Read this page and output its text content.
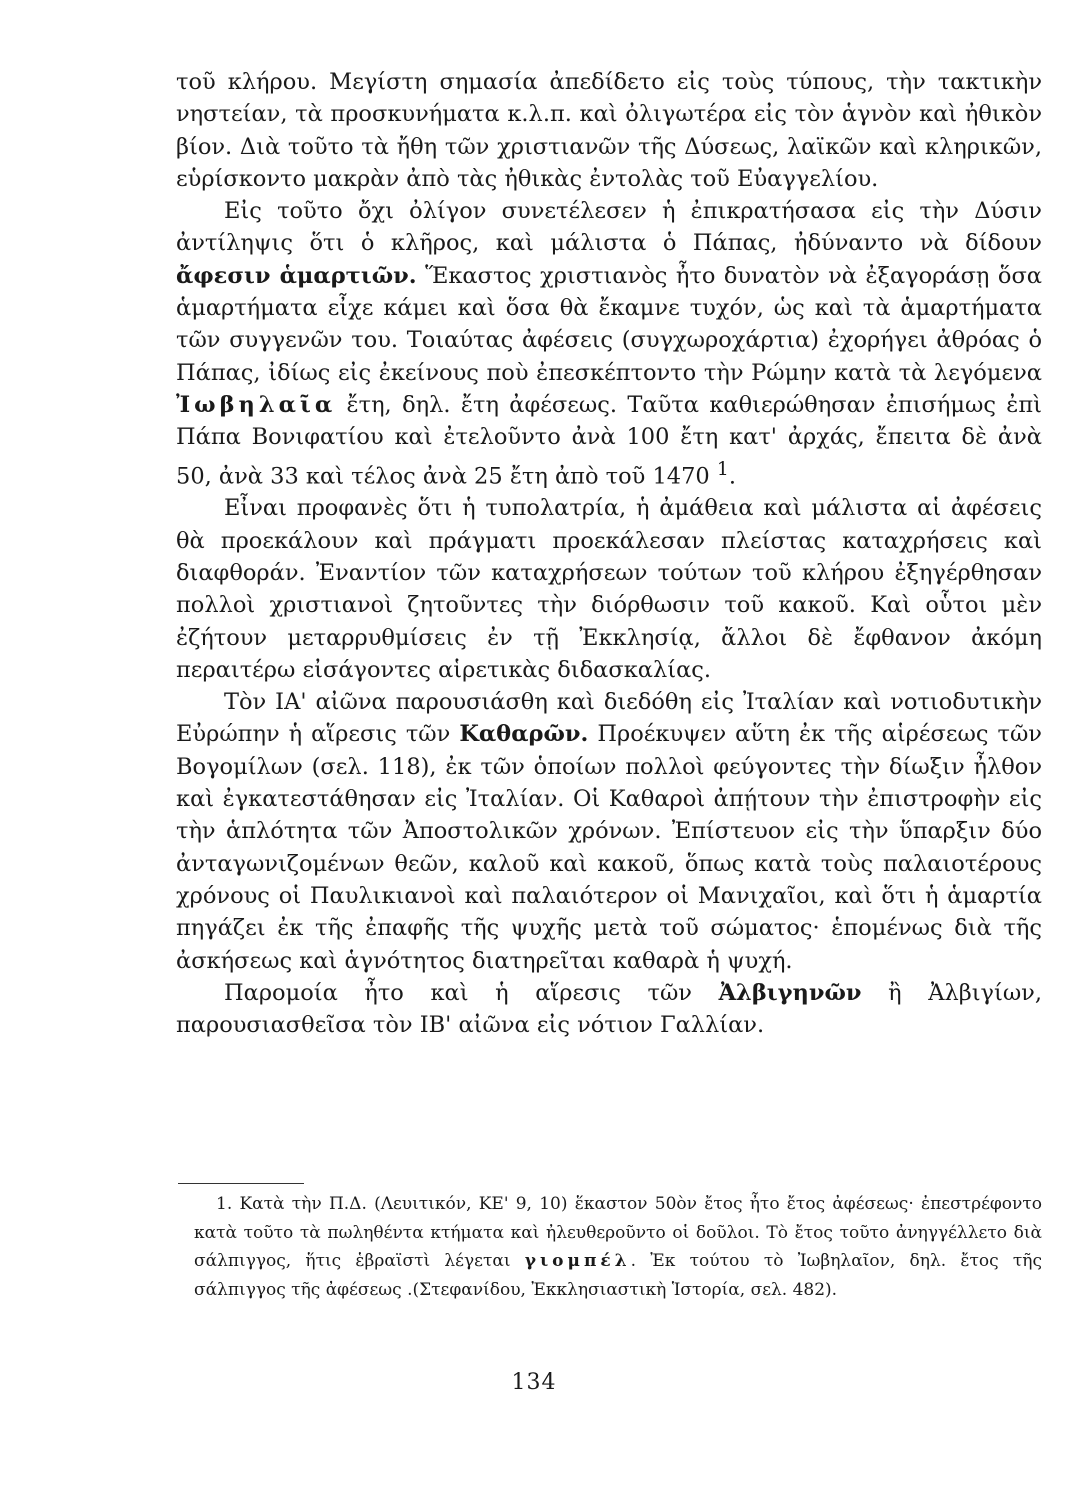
τοῦ κλήρου. Μεγίστη σημασία ἀπεδίδετο εἰς τοὺς τύπους, τὴν τακτικὴν νηστείαν, τὰ προσκυνήματα κ.λ.π. καὶ ὀλιγωτέρα εἰς τὸν ἁγνὸν καὶ ἠθικὸν βίον. Διὰ τοῦτο τὰ ἤθη τῶν χριστιανῶν τῆς Δύσεως, λαϊκῶν καὶ κληρικῶν, εὑρίσκοντο μακρὰν ἀπὸ τὰς ἠθικὰς ἐντολὰς τοῦ Εὐαγγελίου.

Εἰς τοῦτο ὄχι ὀλίγον συνετέλεσεν ἡ ἐπικρατήσασα εἰς τὴν Δύσιν ἀντίληψις ὅτι ὁ κλῆρος, καὶ μάλιστα ὁ Πάπας, ἠδύναντο νὰ δίδουν ἄφεσιν ἁμαρτιῶν. Ἕκαστος χριστιανὸς ἦτο δυνατὸν νὰ ἐξαγοράσῃ ὅσα ἁμαρτήματα εἶχε κάμει καὶ ὅσα θὰ ἔκαμνε τυχόν, ὡς καὶ τὰ ἁμαρτήματα τῶν συγγενῶν του. Τοιαύτας ἀφέσεις (συγχωροχάρτια) ἐχορήγει ἀθρόας ὁ Πάπας, ἰδίως εἰς ἐκείνους ποὺ ἐπεσκέπτοντο τὴν Ρώμην κατὰ τὰ λεγόμενα Ἰωβηλαῖα ἔτη, δηλ. ἔτη ἀφέσεως. Ταῦτα καθιερώθησαν ἐπισήμως ἐπὶ Πάπα Βονιφατίου καὶ ἐτελοῦντο ἀνὰ 100 ἔτη κατ' ἀρχάς, ἔπειτα δὲ ἀνὰ 50, ἀνὰ 33 καὶ τέλος ἀνὰ 25 ἔτη ἀπὸ τοῦ 1470 $^1$.

Εἶναι προφανὲς ὅτι ἡ τυπολατρία, ἡ ἀμάθεια καὶ μάλιστα αἱ ἀφέσεις θὰ προεκάλουν καὶ πράγματι προεκάλεσαν πλείστας καταχρήσεις καὶ διαφθοράν. Ἐναντίον τῶν καταχρήσεων τούτων τοῦ κλήρου ἐξηγέρθησαν πολλοὶ χριστιανοὶ ζητοῦντες τὴν διόρθωσιν τοῦ κακοῦ. Καὶ οὗτοι μὲν ἐζήτουν μεταρρυθμίσεις ἐν τῇ Ἐκκλησίᾳ, ἄλλοι δὲ ἔφθανον ἀκόμη περαιτέρω εἰσάγοντες αἱρετικὰς διδασκαλίας.

Τὸν ΙΑ' αἰῶνα παρουσιάσθη καὶ διεδόθη εἰς Ἰταλίαν καὶ νοτιοδυτικὴν Εὐρώπην ἡ αἵρεσις τῶν Καθαρῶν. Προέκυψεν αὕτη ἐκ τῆς αἱρέσεως τῶν Βογομίλων (σελ. 118), ἐκ τῶν ὁποίων πολλοὶ φεύγοντες τὴν δίωξιν ἦλθον καὶ ἐγκατεστάθησαν εἰς Ἰταλίαν. Οἱ Καθαροὶ ἀπῄτουν τὴν ἐπιστροφὴν εἰς τὴν ἁπλότητα τῶν Ἀποστολικῶν χρόνων. Ἐπίστευον εἰς τὴν ὕπαρξιν δύο ἀνταγωνιζομένων θεῶν, καλοῦ καὶ κακοῦ, ὅπως κατὰ τοὺς παλαιοτέρους χρόνους οἱ Παυλικιανοὶ καὶ παλαιότερον οἱ Μανιχαῖοι, καὶ ὅτι ἡ ἁμαρτία πηγάζει ἐκ τῆς ἐπαφῆς τῆς ψυχῆς μετὰ τοῦ σώματος· ἑπομένως διὰ τῆς ἀσκήσεως καὶ ἁγνότητος διατηρεῖται καθαρὰ ἡ ψυχή.

Παρομοία ἦτο καὶ ἡ αἵρεσις τῶν Ἀλβιγηνῶν ἢ Ἀλβιγίων, παρουσιασθεῖσα τὸν ΙΒ' αἰῶνα εἰς νότιον Γαλλίαν.

1. Κατὰ τὴν Π.Δ. (Λευιτικόν, ΚΕ' 9, 10) ἕκαστον 50ὸν ἔτος ἦτο ἔτος ἀφέσεως· ἐπεστρέφοντο κατὰ τοῦτο τὰ πωληθέντα κτήματα καὶ ἠλευθεροῦντο οἱ δοῦλοι. Τὸ ἔτος τοῦτο ἀνηγγέλλετο διὰ σάλπιγγος, ἥτις ἑβραϊστὶ λέγεται γιομπέλ. Ἐκ τούτου τὸ Ἰωβηλαῖον, δηλ. ἔτος τῆς σάλπιγγος τῆς ἀφέσεως .(Στεφανίδου, Ἐκκλησιαστικὴ Ἱστορία, σελ. 482).

134
